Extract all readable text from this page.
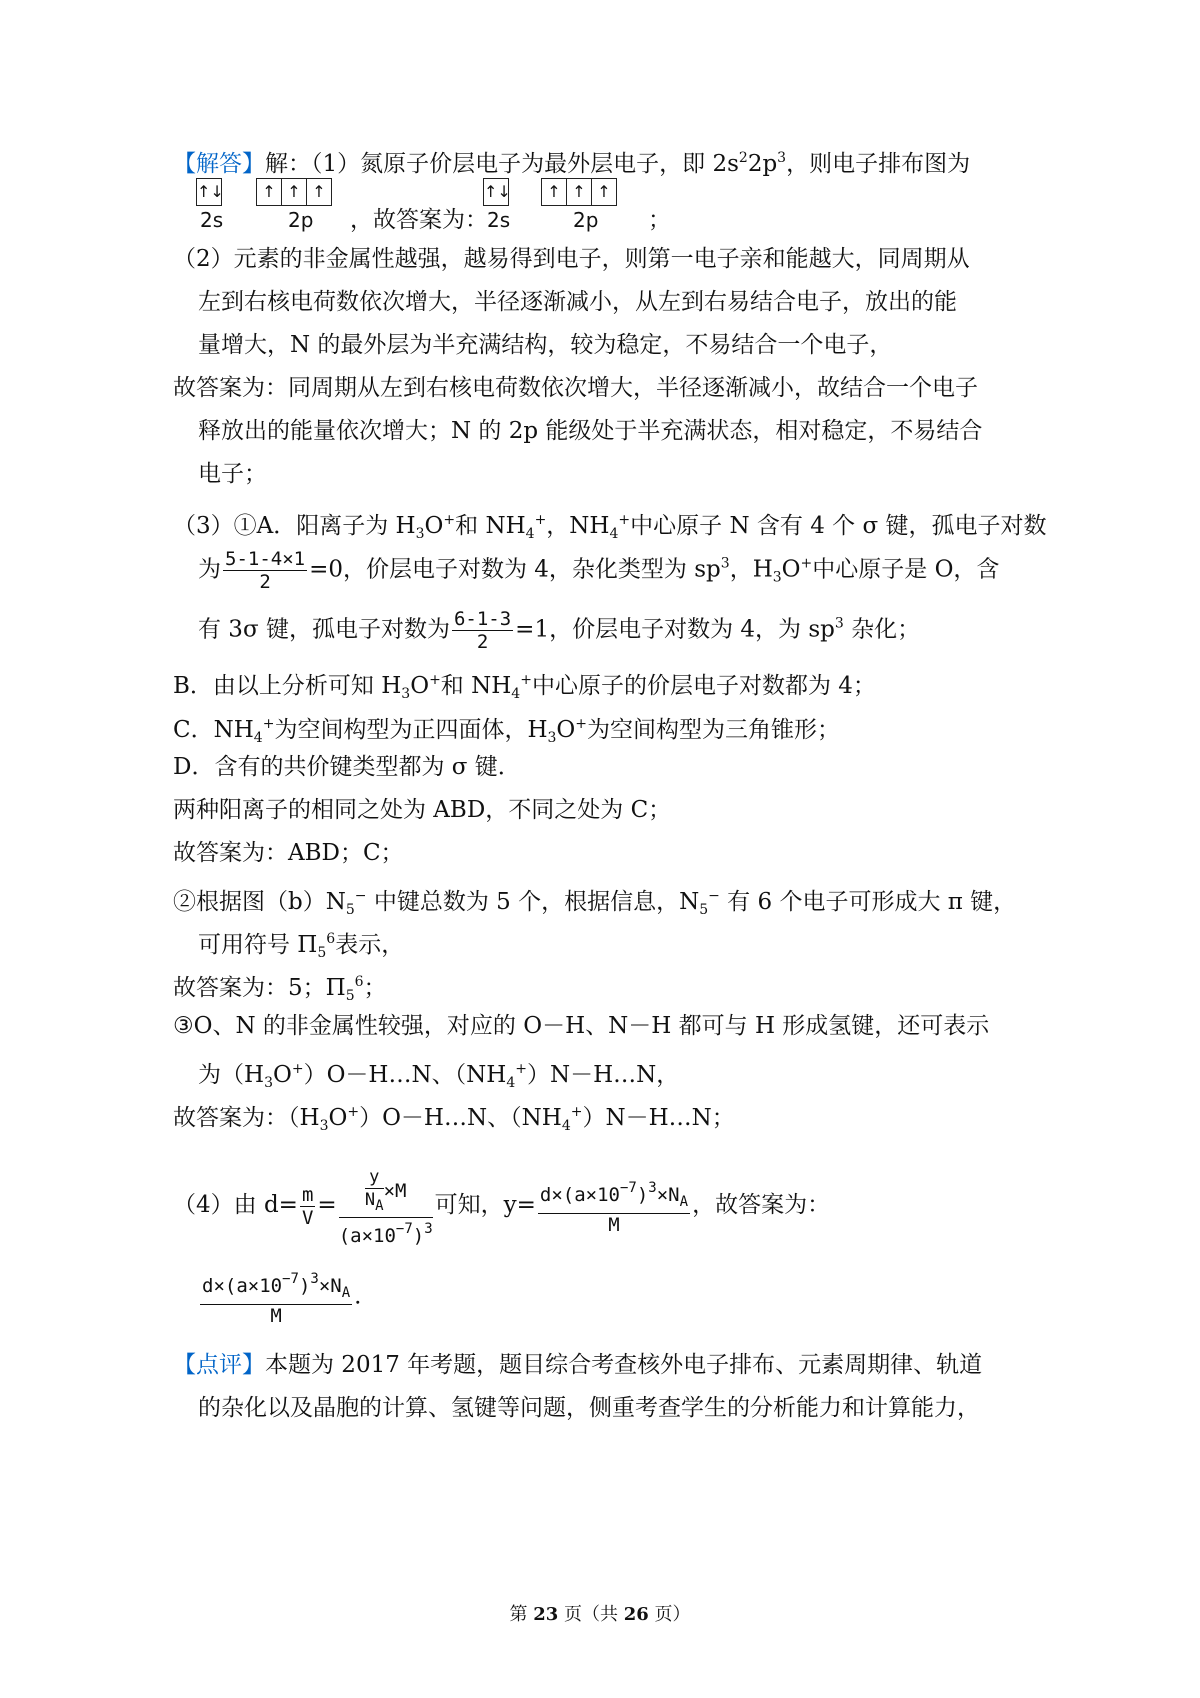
【解答】解：（1）氮原子价层电子为最外层电子，即 $2s^22p^3$，则电子排布图为
↑↓	↑ ↑ ↑
2s	2p ，故答案为：
↑↓	↑ ↑ ↑
2s	2p ；
（2）元素的非金属性越强，越易得到电子，则第一电子亲和能越大，同周期从
左到右核电荷数依次增大，半径逐渐减小，从左到右易结合电子，放出的能
量增大，N 的最外层为半充满结构，较为稳定，不易结合一个电子，
故答案为：同周期从左到右核电荷数依次增大，半径逐渐减小，故结合一个电子
释放出的能量依次增大；N 的 2p 能级处于半充满状态，相对稳定，不易结合
电子；
（3）①A．阳离子为 $H_3O^+$和 $NH_4^+$，$NH_4^+$中心原子 N 含有 4 个 σ 键，孤电子对数
为 $\frac{5-1-4\times 1}{2} =0$，价层电子对数为 4，杂化类型为 $sp^3$，$H_3O^+$中心原子是 O，含
有 3σ 键，孤电子对数为 $\frac{6-1-3}{2} =1$，价层电子对数为 4，为 $sp^3$ 杂化；
B．由以上分析可知 $H_3O^+$和 $NH_4^+$中心原子的价层电子对数都为 4；
C．$NH_4^+$为空间构型为正四面体，$H_3O^+$为空间构型为三角锥形；
D．含有的共价键类型都为 σ 键．
两种阳离子的相同之处为 ABD，不同之处为 C；
故答案为：ABD；C；
②根据图$(b)N_5^-$ 中键总数为 5 个，根据信息，$N_5^-$ 有 6 个电子可形成大 π 键，
可用符号 $\Pi_5^6$表示，
故答案为：5；$\Pi_5^6$；
③O、N 的非金属性较强，对应的 O－H、N－H 都可与 H 形成氢键，还可表示
为$(H_3O^+)O-H\dots N$、$(NH_4^+)N-H\dots N$，
故答案为：$(H_3O^+)O-H\dots N$、$(NH_4^+)N-H\dots N$；
（4）由 $d= \frac{m}{V} = \frac{\frac{y}{N_A} \times M}{(a\times 10^{-7})^3}$ 可知，$y= \frac{d\times(a\times 10^{-7})^3\times N_A}{M}$ ，故答案为：
$\frac{d\times(a\times 10^{-7})^3\times N_A}{M}$ .
【点评】本题为 2017 年考题，题目综合考查核外电子排布、元素周期律、轨道
的杂化以及晶胞的计算、氢键等问题，侧重考查学生的分析能力和计算能力，
第 23 页（共 26 页）
